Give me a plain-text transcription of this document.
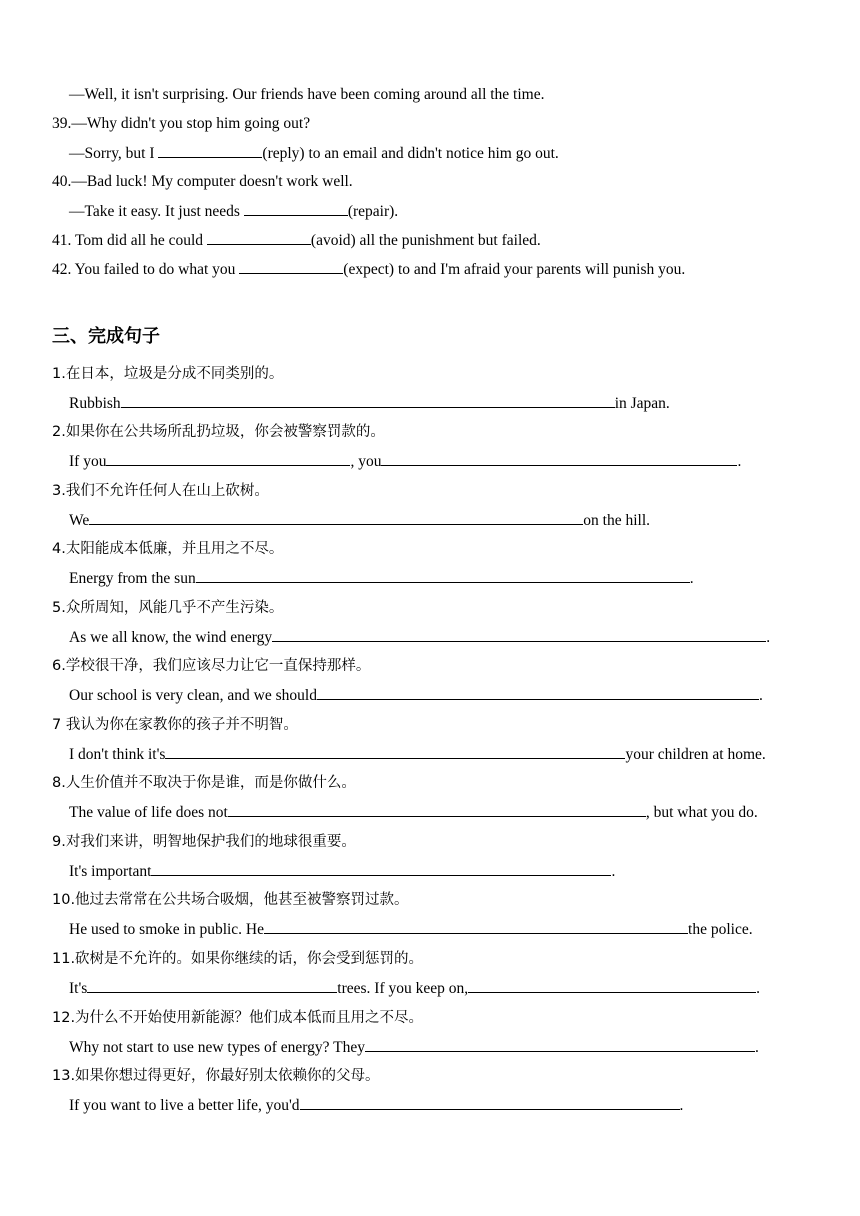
—Well, it isn't surprising. Our friends have been coming around all the time.
39.—Why didn't you stop him going out?
—Sorry, but I	(reply) to an email and didn't notice him go out.
40.—Bad luck! My computer doesn't work well.
—Take it easy. It just needs	(repair).
41. Tom did all he could	(avoid) all the punishment but failed.
42. You failed to do what you	(expect) to and I'm afraid your parents will punish you.
三、完成句子
1.在日本，垃圾是分成不同类别的。
Rubbish	in Japan.
2.如果你在公共场所乱扔垃圾，你会被警察罚款的。
If you	, you	.
3.我们不允许任何人在山上砍树。
We	on the hill.
4.太阳能成本低廉，并且用之不尽。
Energy from the sun	.
5.众所周知，风能几乎不产生污染。
As we all know, the wind energy	.
6.学校很干净，我们应该尽力让它一直保持那样。
Our school is very clean, and we should	.
7 我认为你在家教你的孩子并不明智。
I don't think it's	your children at home.
8.人生价值并不取决于你是谁，而是你做什么。
The value of life does not	, but what you do.
9.对我们来讲，明智地保护我们的地球很重要。
It's important	.
10.他过去常常在公共场合吸烟，他甚至被警察罚过款。
He used to smoke in public. He	the police.
11.砍树是不允许的。如果你继续的话，你会受到惩罚的。
It's	trees. If you keep on,	.
12.为什么不开始使用新能源？他们成本低而且用之不尽。
Why not start to use new types of energy? They	.
13.如果你想过得更好，你最好别太依赖你的父母。
If you want to live a better life, you'd	.
